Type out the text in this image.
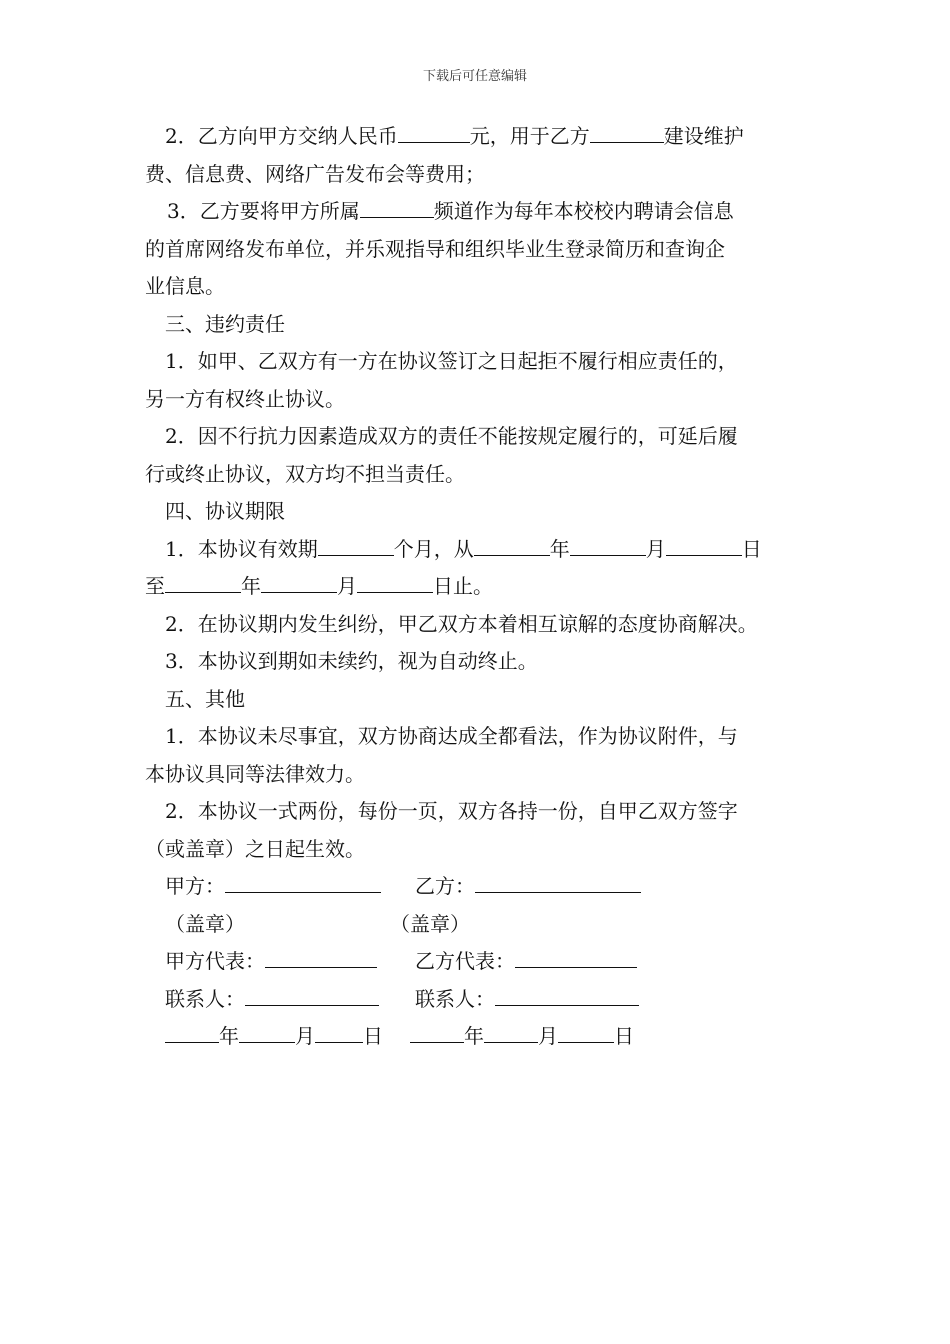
下载后可任意编辑
2．乙方向甲方交纳人民币	元，用于乙方	建设维护
费、信息费、网络广告发布会等费用；
3．乙方要将甲方所属	频道作为每年本校校内聘请会信息
的首席网络发布单位，并乐观指导和组织毕业生登录简历和查询企
业信息。
三、违约责任
1．如甲、乙双方有一方在协议签订之日起拒不履行相应责任的，
另一方有权终止协议。
2．因不行抗力因素造成双方的责任不能按规定履行的，可延后履
行或终止协议，双方均不担当责任。
四、协议期限
1．本协议有效期	个月，从	年	月	日
至	年	月	日止。
2．在协议期内发生纠纷，甲乙双方本着相互谅解的态度协商解决。
3．本协议到期如未续约，视为自动终止。
五、其他
1．本协议未尽事宜，双方协商达成全都看法，作为协议附件，与
本协议具同等法律效力。
2．本协议一式两份，每份一页，双方各持一份，自甲乙双方签字
（或盖章）之日起生效。
甲方：	乙方：
（盖章）	（盖章）
甲方代表：	乙方代表：
联系人：	联系人：
年	月 日	年	月	日
